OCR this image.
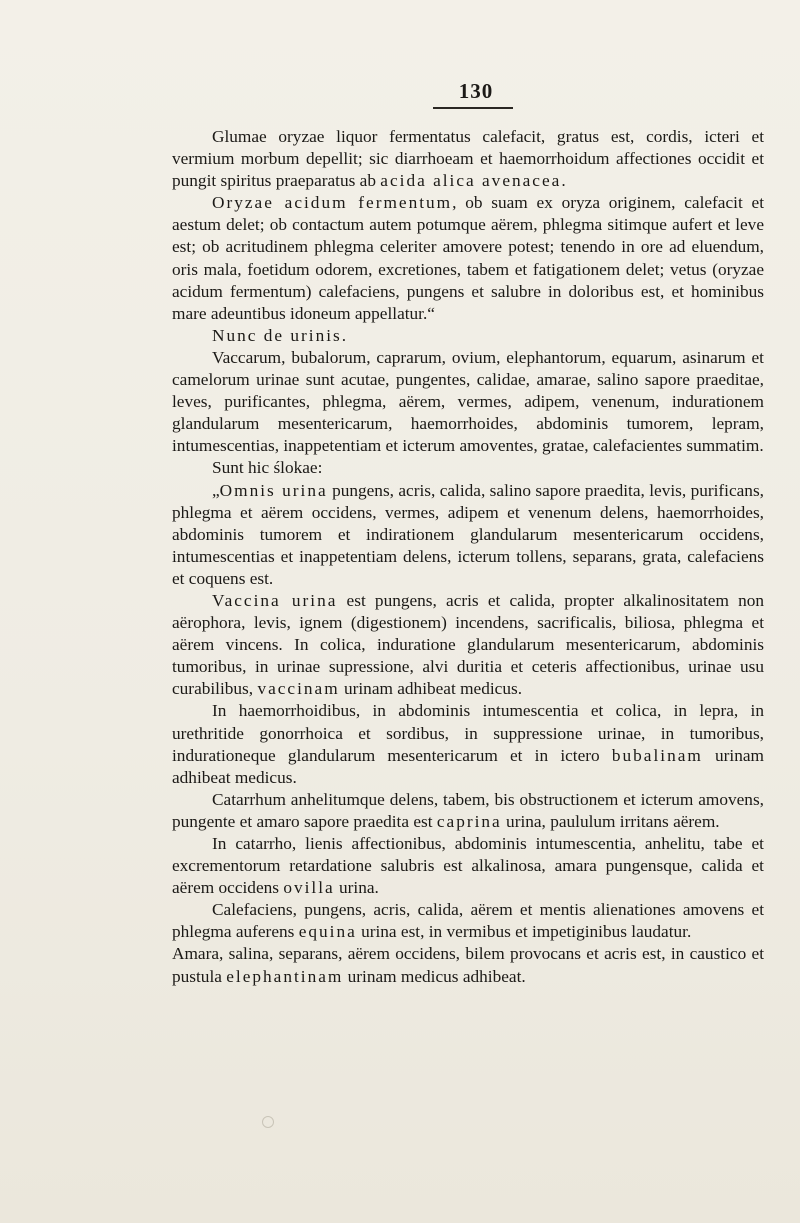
130

Glumae oryzae liquor fermentatus calefacit, gratus est, cordis, icteri et vermium morbum depellit; sic diarrhoeam et haemorrhoidum affectiones occidit et pungit spiritus praeparatus ab acida alica avenacea.

Oryzae acidum fermentum, ob suam ex oryza originem, calefacit et aestum delet; ob contactum autem potumque aërem, phlegma sitimque aufert et leve est; ob acritudinem phlegma celeriter amovere potest; tenendo in ore ad eluendum, oris mala, foetidum odorem, excretiones, tabem et fatigationem delet; vetus (oryzae acidum fermentum) calefaciens, pungens et salubre in doloribus est, et hominibus mare adeuntibus idoneum appellatur.“

Nunc de urinis.

Vaccarum, bubalorum, caprarum, ovium, elephantorum, equarum, asinarum et camelorum urinae sunt acutae, pungentes, calidae, amarae, salino sapore praeditae, leves, purificantes, phlegma, aërem, vermes, adipem, venenum, indurationem glandularum mesentericarum, haemorrhoides, abdominis tumorem, lepram, intumescentias, inappetentiam et icterum amoventes, gratae, calefacientes summatim.

Sunt hic ślokae:

„Omnis urina pungens, acris, calida, salino sapore praedita, levis, purificans, phlegma et aërem occidens, vermes, adipem et venenum delens, haemorrhoides, abdominis tumorem et indirationem glandularum mesentericarum occidens, intumescentias et inappetentiam delens, icterum tollens, separans, grata, calefaciens et coquens est.

Vaccina urina est pungens, acris et calida, propter alkalinositatem non aërophora, levis, ignem (digestionem) incendens, sacrificalis, biliosa, phlegma et aërem vincens. In colica, induratione glandularum mesentericarum, abdominis tumoribus, in urinae supressione, alvi duritia et ceteris affectionibus, urinae usu curabilibus, vaccinam urinam adhibeat medicus.

In haemorrhoidibus, in abdominis intumescentia et colica, in lepra, in urethritide gonorrhoica et sordibus, in suppressione urinae, in tumoribus, indurationeque glandularum mesentericarum et in ictero bubalinam urinam adhibeat medicus.

Catarrhum anhelitumque delens, tabem, bis obstructionem et icterum amovens, pungente et amaro sapore praedita est caprina urina, paululum irritans aërem.

In catarrho, lienis affectionibus, abdominis intumescentia, anhelitu, tabe et excrementorum retardatione salubris est alkalinosa, amara pungensque, calida et aërem occidens ovilla urina.

Calefaciens, pungens, acris, calida, aërem et mentis alienationes amovens et phlegma auferens equina urina est, in vermibus et impetiginibus laudatur.

Amara, salina, separans, aërem occidens, bilem provocans et acris est, in caustico et pustula elephantinam urinam medicus adhibeat.
